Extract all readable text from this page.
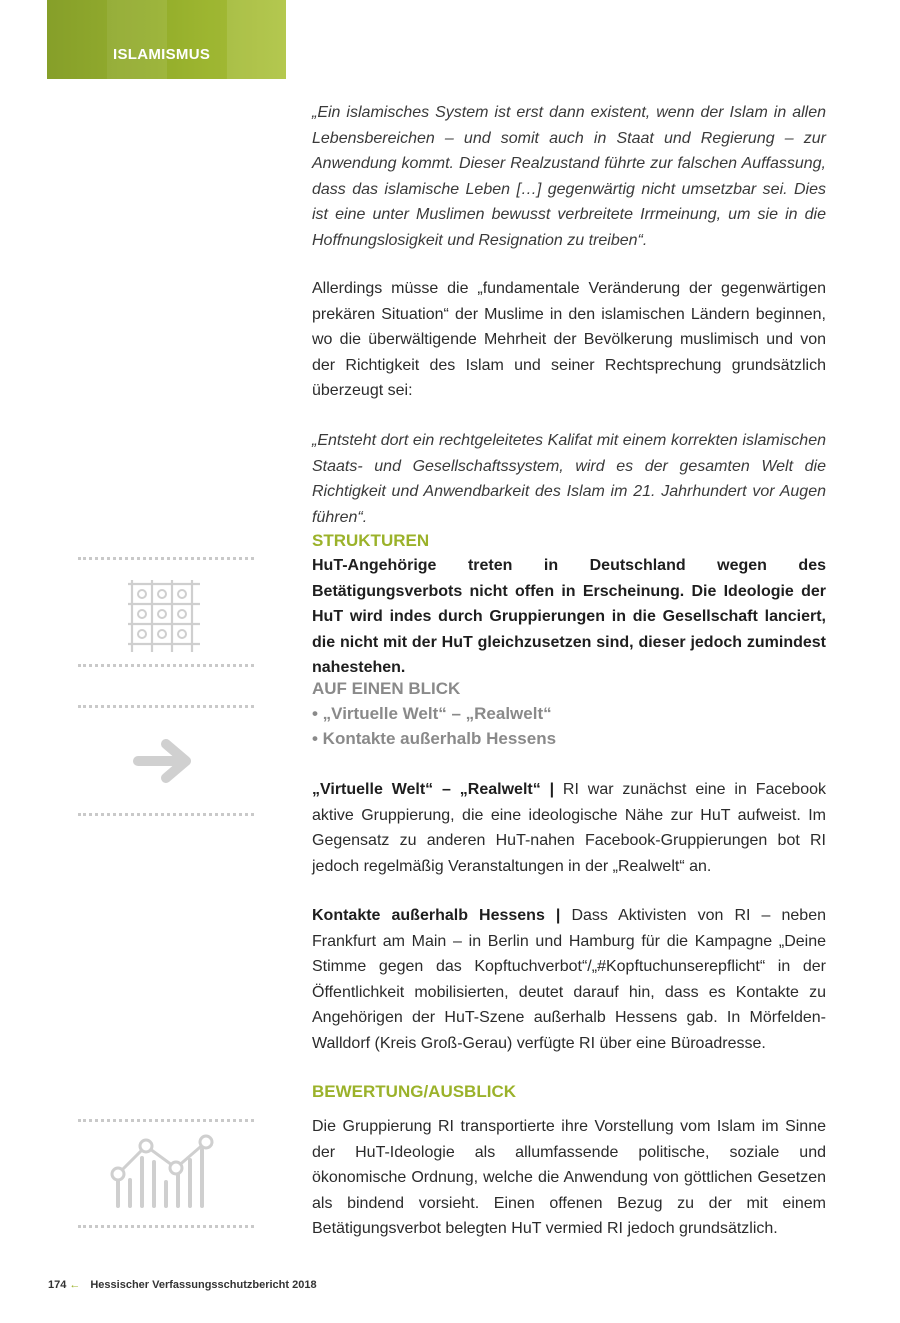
ISLAMISMUS
„Ein islamisches System ist erst dann existent, wenn der Islam in allen Lebensbereichen – und somit auch in Staat und Regierung – zur Anwendung kommt. Dieser Realzustand führte zur falschen Auffassung, dass das islamische Leben […] gegenwärtig nicht umsetzbar sei. Dies ist eine unter Muslimen bewusst verbreitete Irrmeinung, um sie in die Hoffnungslosigkeit und Resignation zu treiben“.
Allerdings müsse die „fundamentale Veränderung der gegenwärtigen prekären Situation“ der Muslime in den islamischen Ländern beginnen, wo die überwältigende Mehrheit der Bevölkerung muslimisch und von der Richtigkeit des Islam und seiner Rechtsprechung grundsätzlich überzeugt sei:
„Entsteht dort ein rechtgeleitetes Kalifat mit einem korrekten islamischen Staats- und Gesellschaftssystem, wird es der gesamten Welt die Richtigkeit und Anwendbarkeit des Islam im 21. Jahrhundert vor Augen führen“.
STRUKTUREN
HuT-Angehörige treten in Deutschland wegen des Betätigungsverbots nicht offen in Erscheinung. Die Ideologie der HuT wird indes durch Gruppierungen in die Gesellschaft lanciert, die nicht mit der HuT gleichzusetzen sind, dieser jedoch zumindest nahestehen.
AUF EINEN BLICK
• „Virtuelle Welt“ – „Realwelt“
• Kontakte außerhalb Hessens
„Virtuelle Welt“ – „Realwelt“ | RI war zunächst eine in Facebook aktive Gruppierung, die eine ideologische Nähe zur HuT aufweist. Im Gegensatz zu anderen HuT-nahen Facebook-Gruppierungen bot RI jedoch regelmäßig Veranstaltungen in der „Realwelt“ an.
Kontakte außerhalb Hessens | Dass Aktivisten von RI – neben Frankfurt am Main – in Berlin und Hamburg für die Kampagne „Deine Stimme gegen das Kopftuchverbot“/„#Kopftuchunserepflicht“ in der Öffentlichkeit mobilisierten, deutet darauf hin, dass es Kontakte zu Angehörigen der HuT-Szene außerhalb Hessens gab. In Mörfelden-Walldorf (Kreis Groß-Gerau) verfügte RI über eine Büroadresse.
BEWERTUNG/AUSBLICK
Die Gruppierung RI transportierte ihre Vorstellung vom Islam im Sinne der HuT-Ideologie als allumfassende politische, soziale und ökonomische Ordnung, welche die Anwendung von göttlichen Gesetzen als bindend vorsieht. Einen offenen Bezug zu der mit einem Betätigungsverbot belegten HuT vermied RI jedoch grundsätzlich.
174 ← Hessischer Verfassungsschutzbericht 2018
